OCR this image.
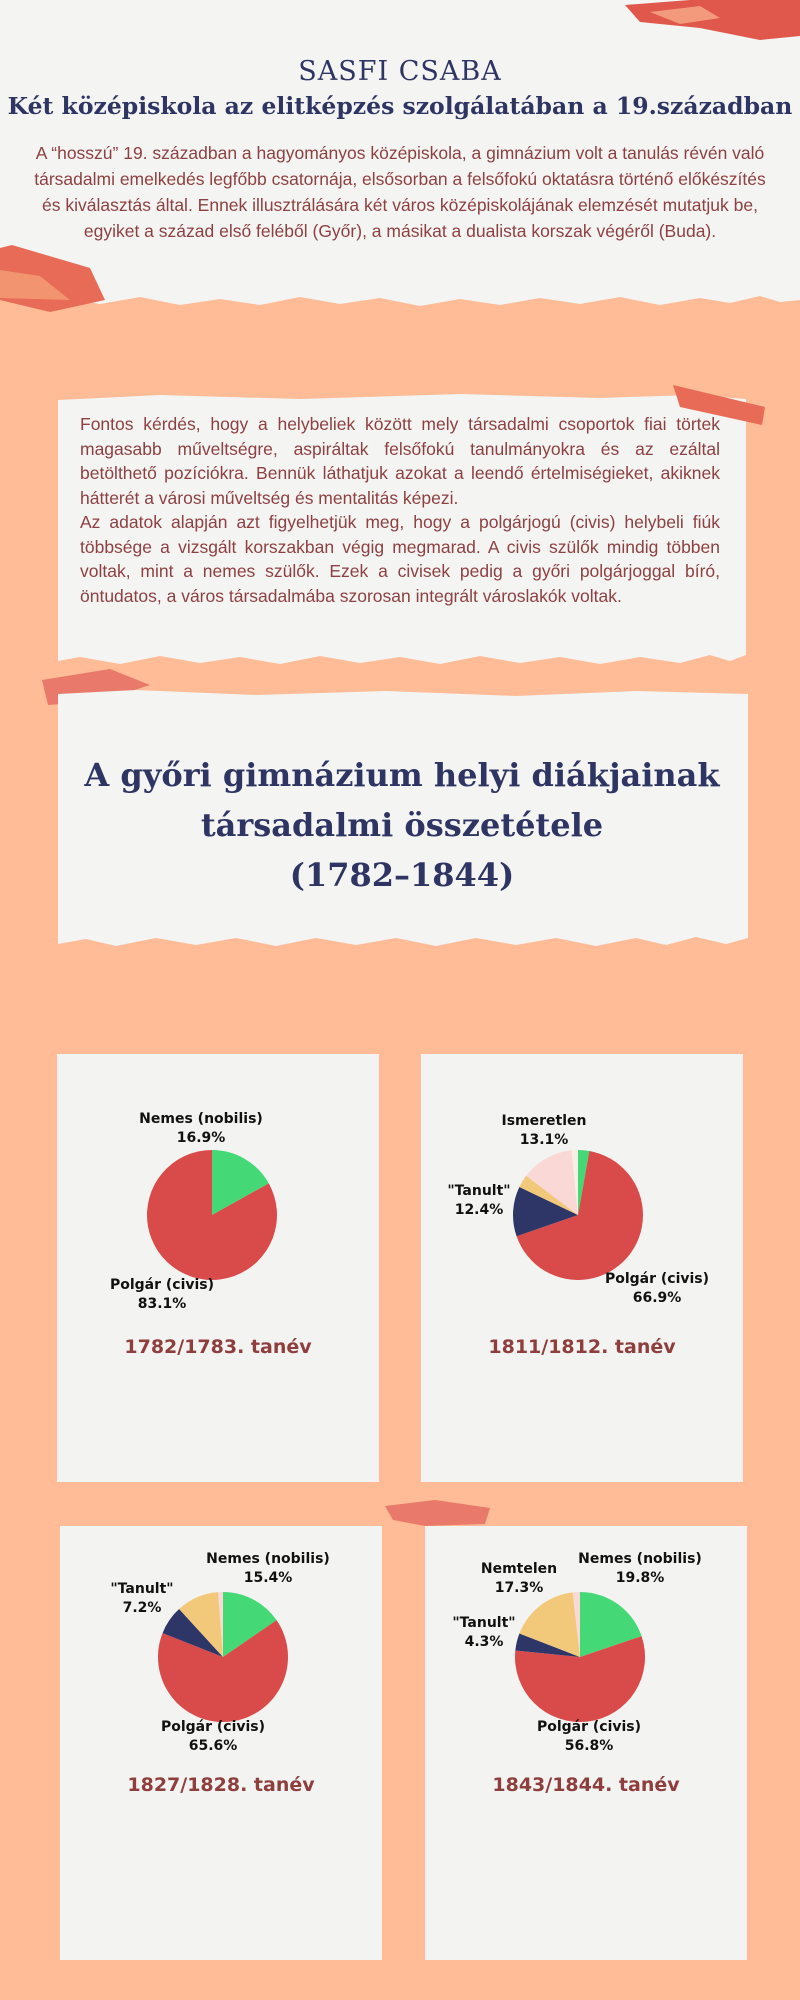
SASFI CSABA
Két középiskola az elitképzés szolgálatában a 19.században
A “hosszú” 19. században a hagyományos középiskola, a gimnázium volt a tanulás révén való társadalmi emelkedés legfőbb csatornája, elsősorban a felsőfokú oktatásra történő előkészítés és kiválasztás által. Ennek illusztrálására két város középiskolájának elemzését mutatjuk be, egyiket a század első feléből (Győr), a másikat a dualista korszak végéről (Buda).

Fontos kérdés, hogy a helybeliek között mely társadalmi csoportok fiai törtek magasabb műveltségre, aspiráltak felsőfokú tanulmányokra és az ezáltal betölthető pozíciókra. Bennük láthatjuk azokat a leendő értelmiségieket, akiknek hátterét a városi műveltség és mentalitás képezi.

Az adatok alapján azt figyelhetjük meg, hogy a polgárjogú (civis) helybeli fiúk többsége a vizsgált korszakban végig megmarad. A civis szülők mindig többen voltak, mint a nemes szülők. Ezek a civisek pedig a győri polgárjoggal bíró, öntudatos, a város társadalmába szorosan integrált városlakók voltak.

A győri gimnázium helyi diákjainak
társadalmi összetétele
(1782–1844)
Nemes (nobilis)
16.9%
Polgár (civis)
83.1%
1782/1783. tanév
Ismeretlen
13.1%
"Tanult"
12.4%
Polgár (civis)
66.9%
1811/1812. tanév
Nemes (nobilis)
15.4%
"Tanult"
7.2%
Polgár (civis)
65.6%
1827/1828. tanév
Nemes (nobilis)
19.8%
Nemtelen
17.3%
"Tanult"
4.3%
Polgár (civis)
56.8%
1843/1844. tanév
